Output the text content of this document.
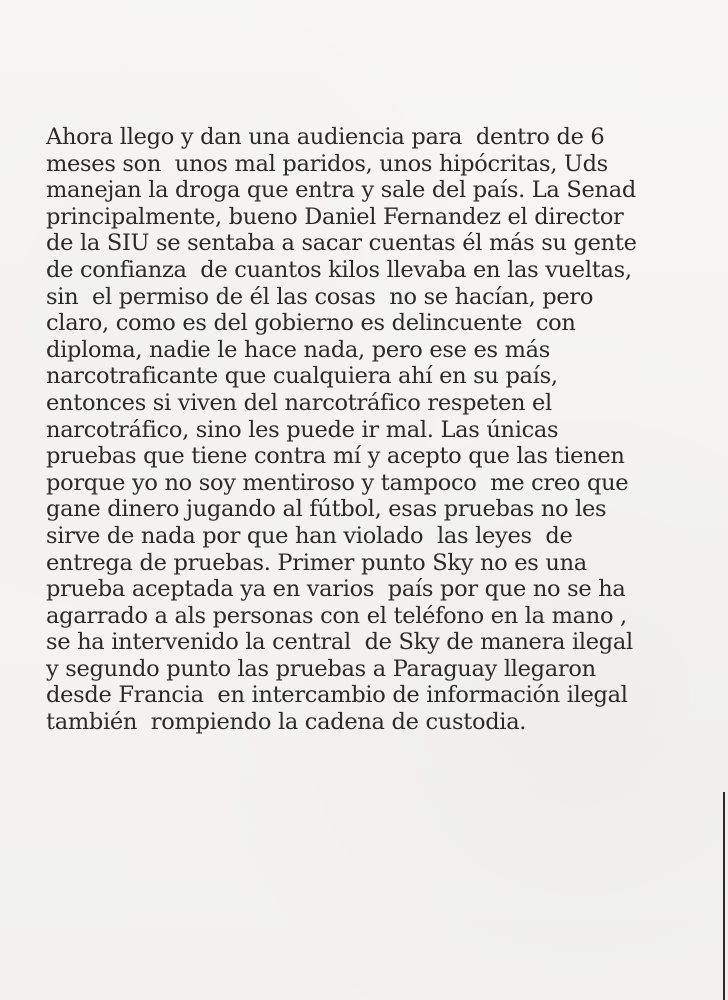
Ahora llego y dan una audiencia para  dentro de 6
meses son  unos mal paridos, unos hipócritas, Uds
manejan la droga que entra y sale del país. La Senad
principalmente, bueno Daniel Fernandez el director
de la SIU se sentaba a sacar cuentas él más su gente
de confianza  de cuantos kilos llevaba en las vueltas,
sin  el permiso de él las cosas  no se hacían, pero
claro, como es del gobierno es delincuente  con
diploma, nadie le hace nada, pero ese es más
narcotraficante que cualquiera ahí en su país,
entonces si viven del narcotráfico respeten el
narcotráfico, sino les puede ir mal. Las únicas
pruebas que tiene contra mí y acepto que las tienen
porque yo no soy mentiroso y tampoco  me creo que
gane dinero jugando al fútbol, esas pruebas no les
sirve de nada por que han violado  las leyes  de
entrega de pruebas. Primer punto Sky no es una
prueba aceptada ya en varios  país por que no se ha
agarrado a als personas con el teléfono en la mano ,
se ha intervenido la central  de Sky de manera ilegal
y segundo punto las pruebas a Paraguay llegaron
desde Francia  en intercambio de información ilegal
también  rompiendo la cadena de custodia.
